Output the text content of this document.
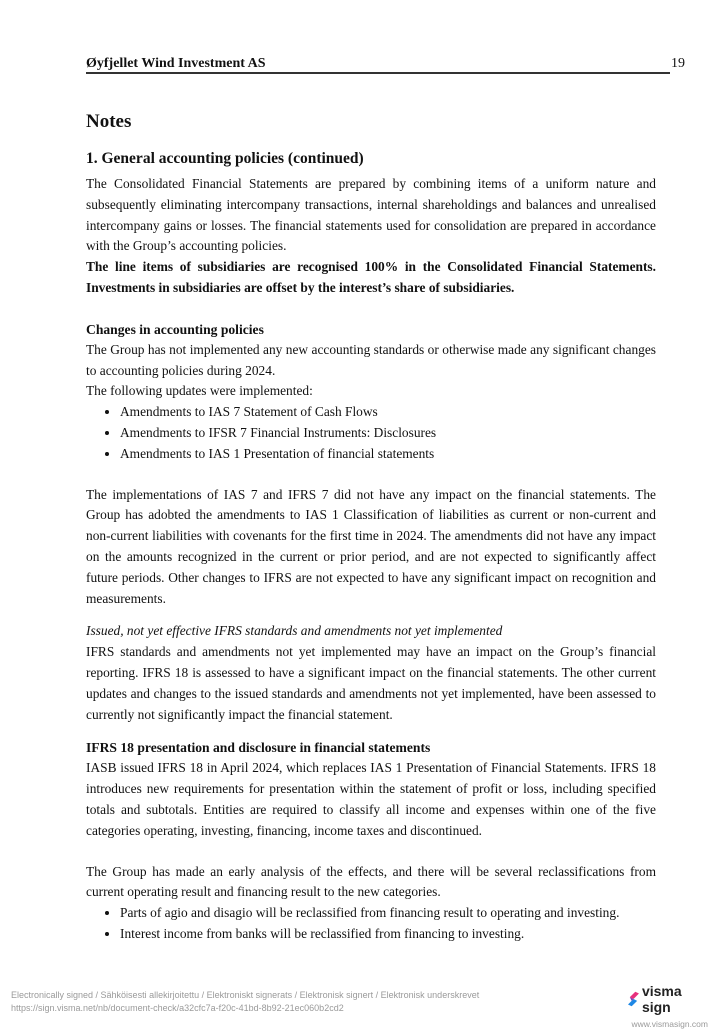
Øyfjellet Wind Investment AS	19
Notes
1. General accounting policies (continued)

The Consolidated Financial Statements are prepared by combining items of a uniform nature and subsequently eliminating intercompany transactions, internal shareholdings and balances and unrealised intercompany gains or losses. The financial statements used for consolidation are prepared in accordance with the Group’s accounting policies.

The line items of subsidiaries are recognised 100% in the Consolidated Financial Statements. Investments in subsidiaries are offset by the interest’s share of subsidiaries.

Changes in accounting policies

The Group has not implemented any new accounting standards or otherwise made any significant changes to accounting policies during 2024.

The following updates were implemented:

• Amendments to IAS 7 Statement of Cash Flows
• Amendments to IFSR 7 Financial Instruments: Disclosures
• Amendments to IAS 1 Presentation of financial statements

The implementations of IAS 7 and IFRS 7 did not have any impact on the financial statements. The Group has adobted the amendments to IAS 1 Classification of liabilities as current or non-current and non-current liabilities with covenants for the first time in 2024. The amendments did not have any impact on the amounts recognized in the current or prior period, and are not expected to significantly affect future periods. Other changes to IFRS are not expected to have any significant impact on recognition and measurements.

Issued, not yet effective IFRS standards and amendments not yet implemented

IFRS standards and amendments not yet implemented may have an impact on the Group’s financial reporting. IFRS 18 is assessed to have a significant impact on the financial statements. The other current updates and changes to the issued standards and amendments not yet implemented, have been assessed to currently not significantly impact the financial statement.

IFRS 18 presentation and disclosure in financial statements

IASB issued IFRS 18 in April 2024, which replaces IAS 1 Presentation of Financial Statements. IFRS 18 introduces new requirements for presentation within the statement of profit or loss, including specified totals and subtotals. Entities are required to classify all income and expenses within one of the five categories operating, investing, financing, income taxes and discontinued.

The Group has made an early analysis of the effects, and there will be several reclassifications from current operating result and financing result to the new categories.

• Parts of agio and disagio will be reclassified from financing result to operating and investing.
• Interest income from banks will be reclassified from financing to investing.
Electronically signed / Sähköisesti allekirjoitettu / Elektroniskt signerats / Elektronisk signert / Elektronisk underskrevet
https://sign.visma.net/nb/document-check/a32cfc7a-f20c-41bd-8b92-21ec060b2cd2
visma sign
www.vismasign.com
